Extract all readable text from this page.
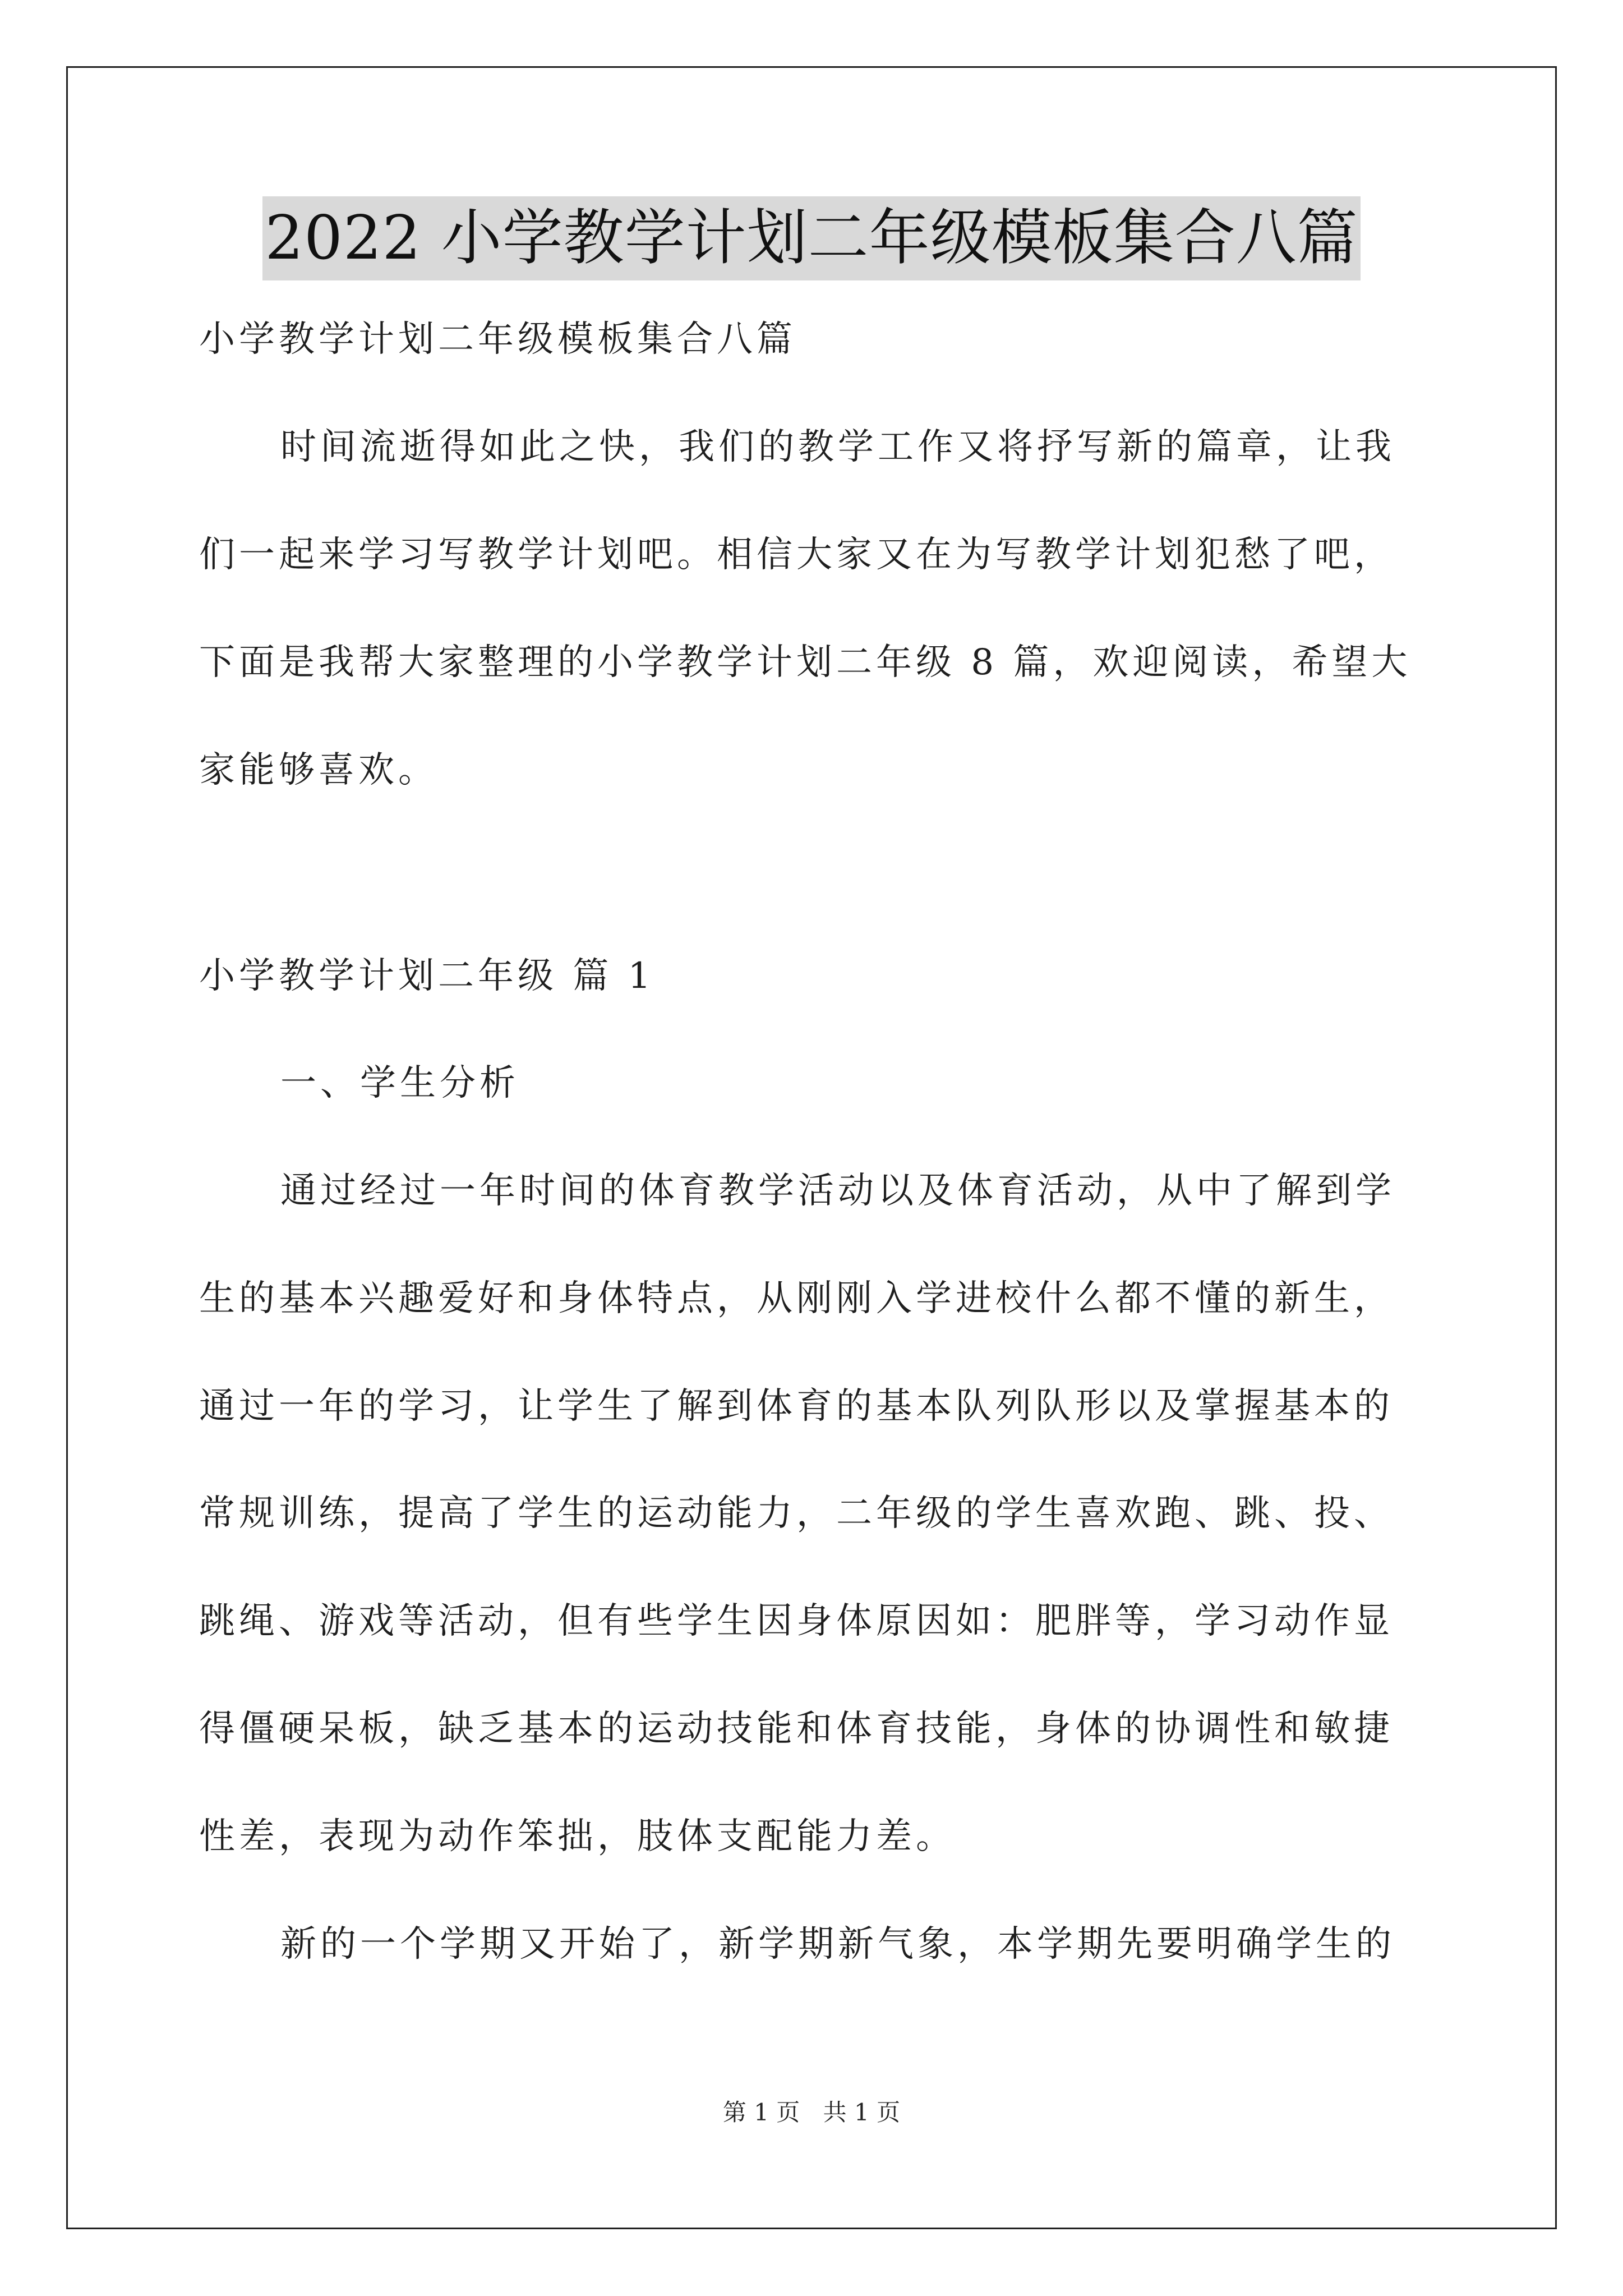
2022 小学教学计划二年级模板集合八篇
小学教学计划二年级模板集合八篇
时间流逝得如此之快，我们的教学工作又将抒写新的篇章，让我
们一起来学习写教学计划吧。相信大家又在为写教学计划犯愁了吧，
下面是我帮大家整理的小学教学计划二年级 8 篇，欢迎阅读，希望大
家能够喜欢。
小学教学计划二年级 篇 1
一、学生分析
通过经过一年时间的体育教学活动以及体育活动，从中了解到学
生的基本兴趣爱好和身体特点，从刚刚入学进校什么都不懂的新生，
通过一年的学习，让学生了解到体育的基本队列队形以及掌握基本的
常规训练，提高了学生的运动能力，二年级的学生喜欢跑、跳、投、
跳绳、游戏等活动，但有些学生因身体原因如：肥胖等，学习动作显
得僵硬呆板，缺乏基本的运动技能和体育技能，身体的协调性和敏捷
性差，表现为动作笨拙，肢体支配能力差。
新的一个学期又开始了，新学期新气象，本学期先要明确学生的
第 1 页 共 1 页
